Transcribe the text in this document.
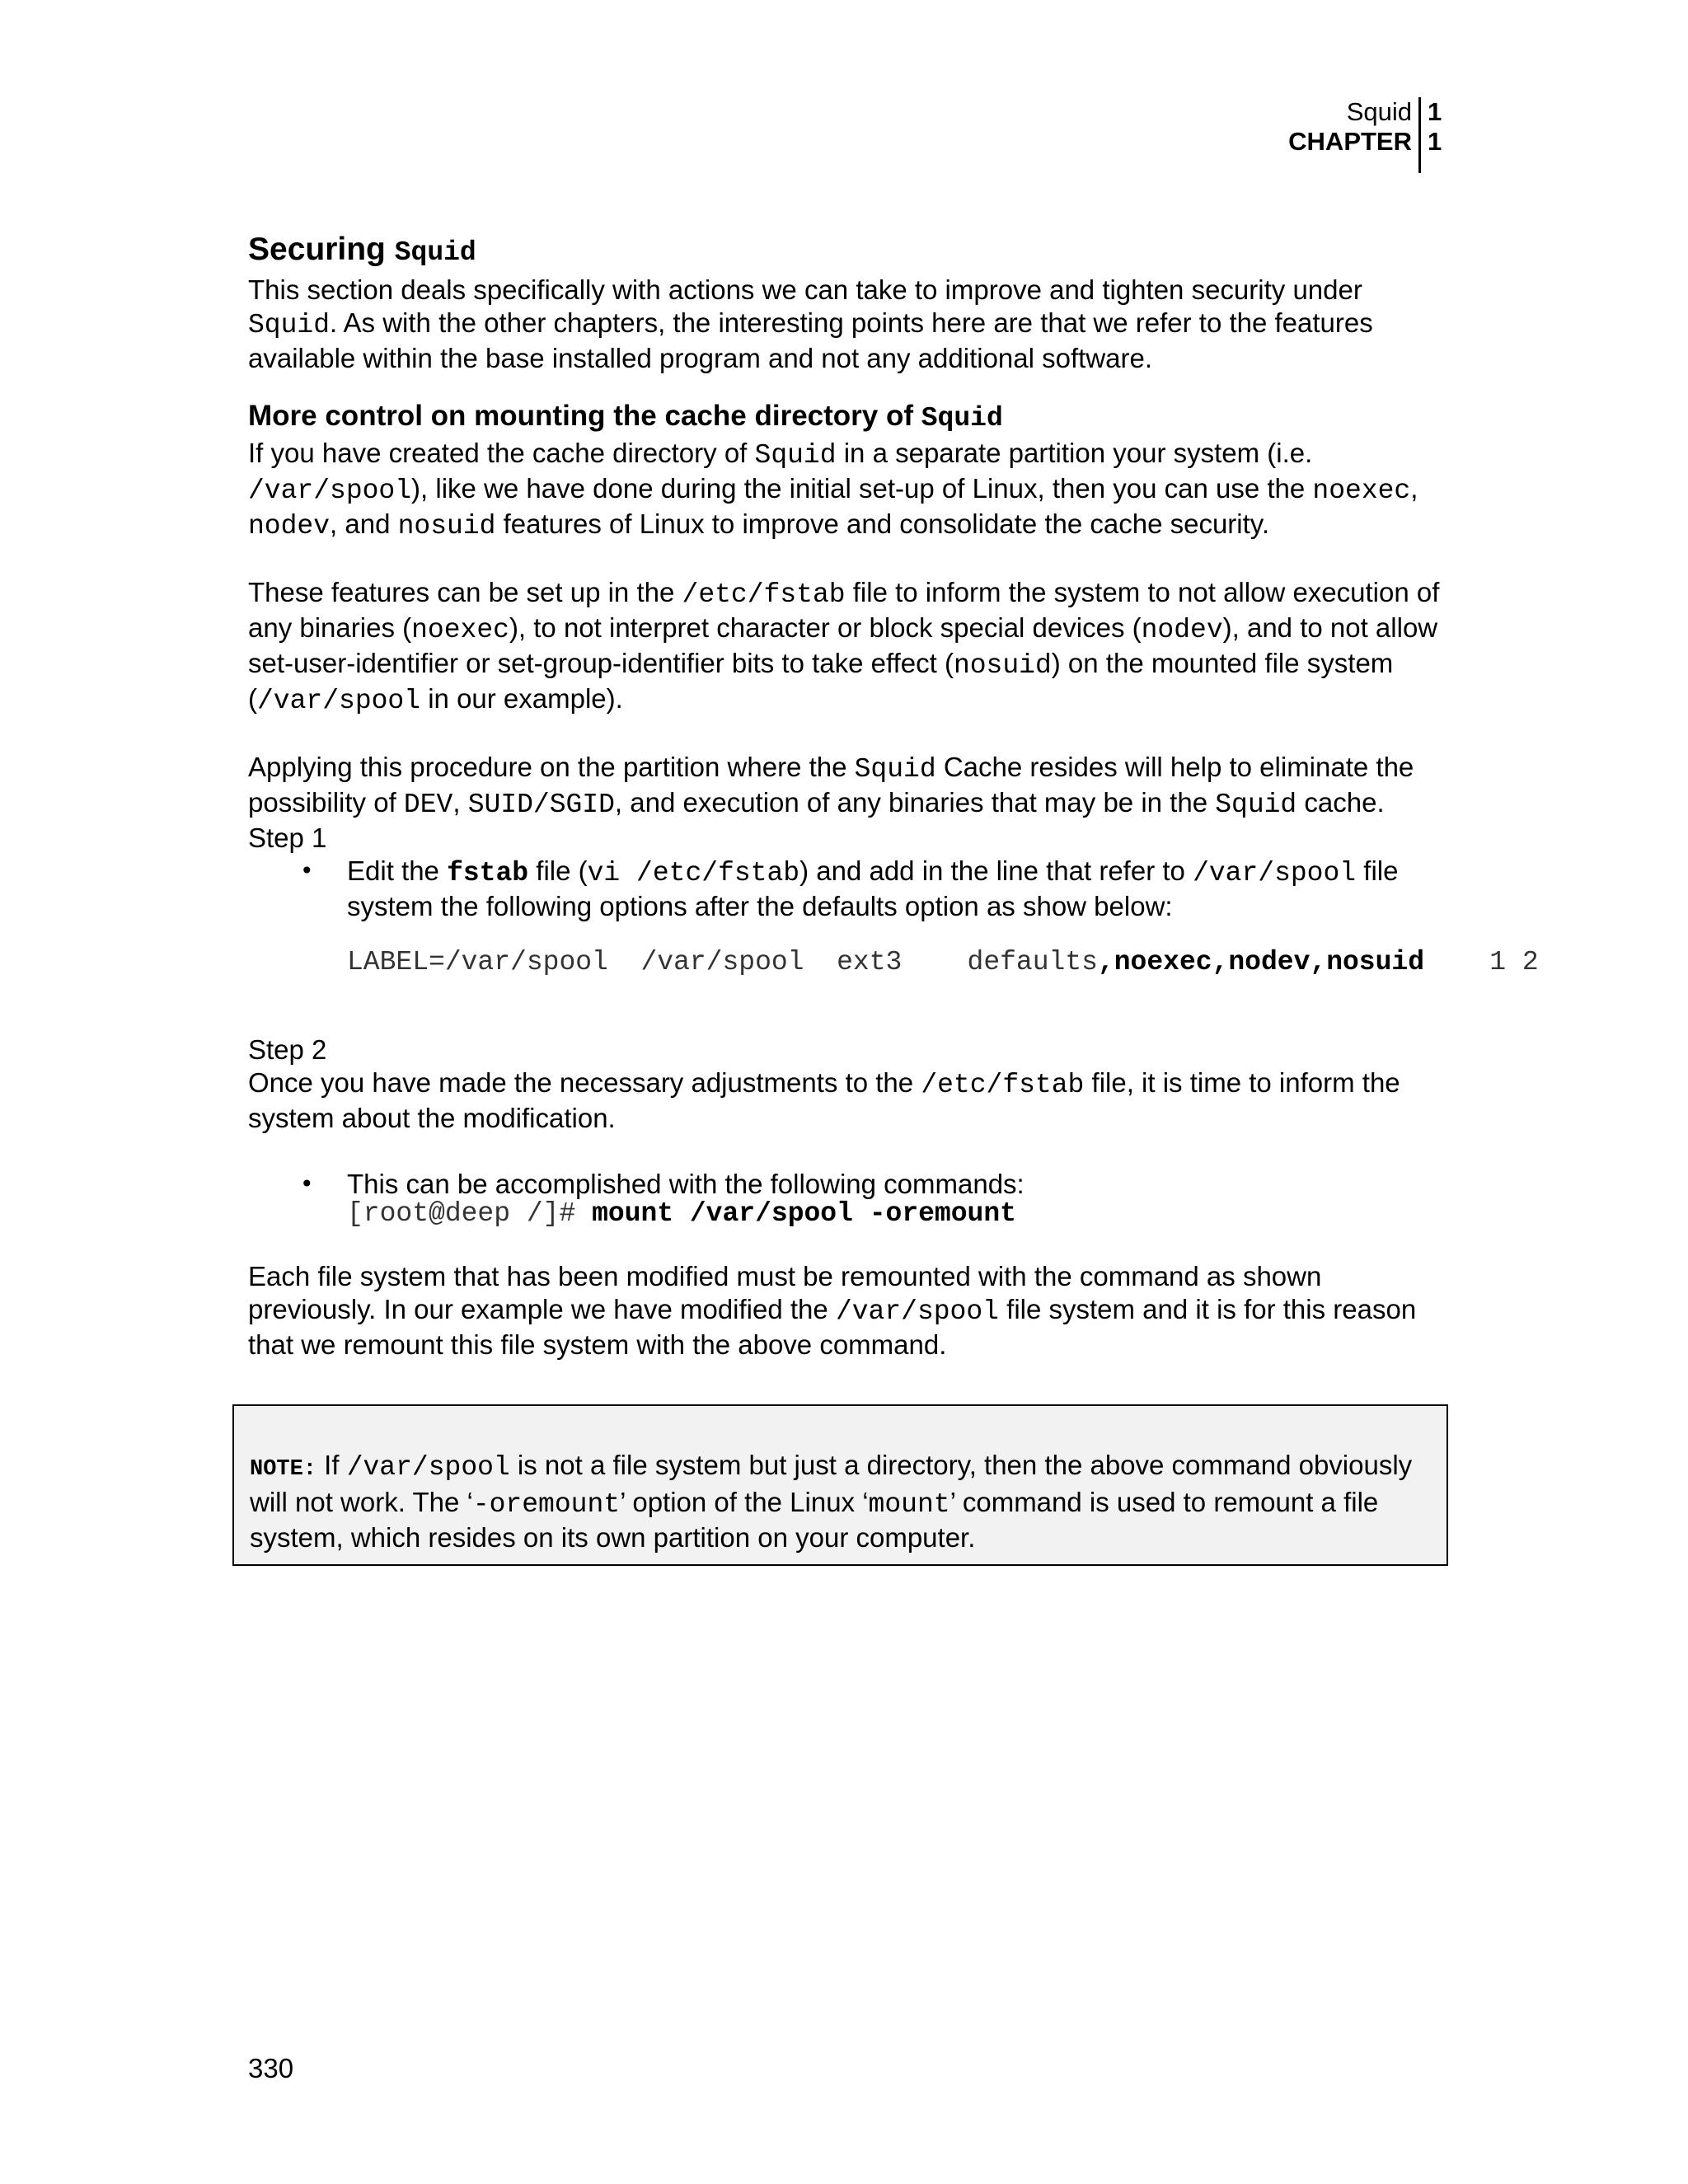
Squid 1
CHAPTER 1
Securing Squid

This section deals specifically with actions we can take to improve and tighten security under Squid. As with the other chapters, the interesting points here are that we refer to the features available within the base installed program and not any additional software.

More control on mounting the cache directory of Squid

If you have created the cache directory of Squid in a separate partition your system (i.e. /var/spool), like we have done during the initial set-up of Linux, then you can use the noexec, nodev, and nosuid features of Linux to improve and consolidate the cache security.

These features can be set up in the /etc/fstab file to inform the system to not allow execution of any binaries (noexec), to not interpret character or block special devices (nodev), and to not allow set-user-identifier or set-group-identifier bits to take effect (nosuid) on the mounted file system (/var/spool in our example).

Applying this procedure on the partition where the Squid Cache resides will help to eliminate the possibility of DEV, SUID/SGID, and execution of any binaries that may be in the Squid cache.

Step 1

• Edit the fstab file (vi /etc/fstab) and add in the line that refer to /var/spool file system the following options after the defaults option as show below:
LABEL=/var/spool  /var/spool  ext3    defaults,noexec,nodev,nosuid    1 2

Step 2

Once you have made the necessary adjustments to the /etc/fstab file, it is time to inform the system about the modification.

• This can be accomplished with the following commands:
[root@deep /]# mount /var/spool -oremount

Each file system that has been modified must be remounted with the command as shown previously. In our example we have modified the /var/spool file system and it is for this reason that we remount this file system with the above command.

NOTE: If /var/spool is not a file system but just a directory, then the above command obviously will not work. The ‘-oremount’ option of the Linux ‘mount’ command is used to remount a file system, which resides on its own partition on your computer.
330
